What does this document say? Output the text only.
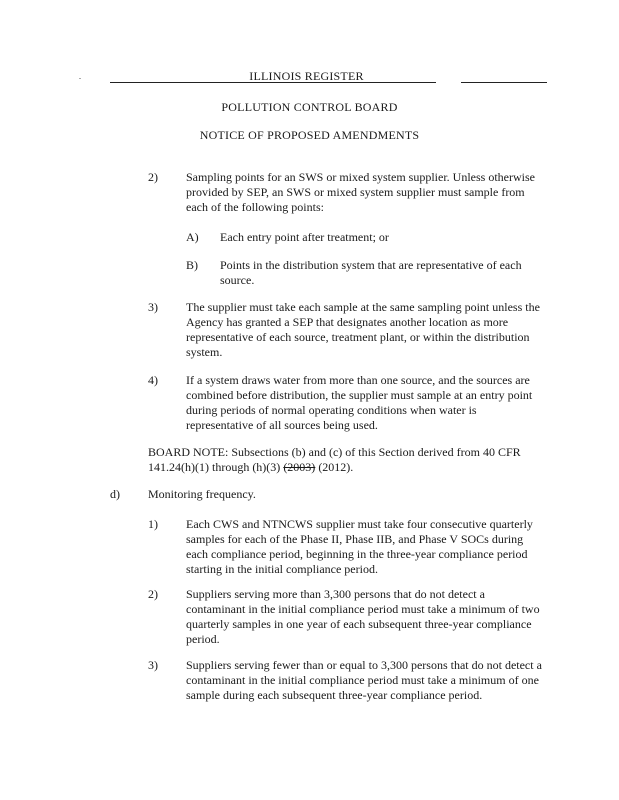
.	ILLINOIS REGISTER
POLLUTION CONTROL BOARD
NOTICE OF PROPOSED AMENDMENTS
2) Sampling points for an SWS or mixed system supplier. Unless otherwise provided by SEP, an SWS or mixed system supplier must sample from each of the following points:
A) Each entry point after treatment; or
B) Points in the distribution system that are representative of each source.
3) The supplier must take each sample at the same sampling point unless the Agency has granted a SEP that designates another location as more representative of each source, treatment plant, or within the distribution system.
4) If a system draws water from more than one source, and the sources are combined before distribution, the supplier must sample at an entry point during periods of normal operating conditions when water is representative of all sources being used.
BOARD NOTE: Subsections (b) and (c) of this Section derived from 40 CFR 141.24(h)(1) through (h)(3) (2003) (2012).
d) Monitoring frequency.
1) Each CWS and NTNCWS supplier must take four consecutive quarterly samples for each of the Phase II, Phase IIB, and Phase V SOCs during each compliance period, beginning in the three-year compliance period starting in the initial compliance period.
2) Suppliers serving more than 3,300 persons that do not detect a contaminant in the initial compliance period must take a minimum of two quarterly samples in one year of each subsequent three-year compliance period.
3) Suppliers serving fewer than or equal to 3,300 persons that do not detect a contaminant in the initial compliance period must take a minimum of one sample during each subsequent three-year compliance period.
